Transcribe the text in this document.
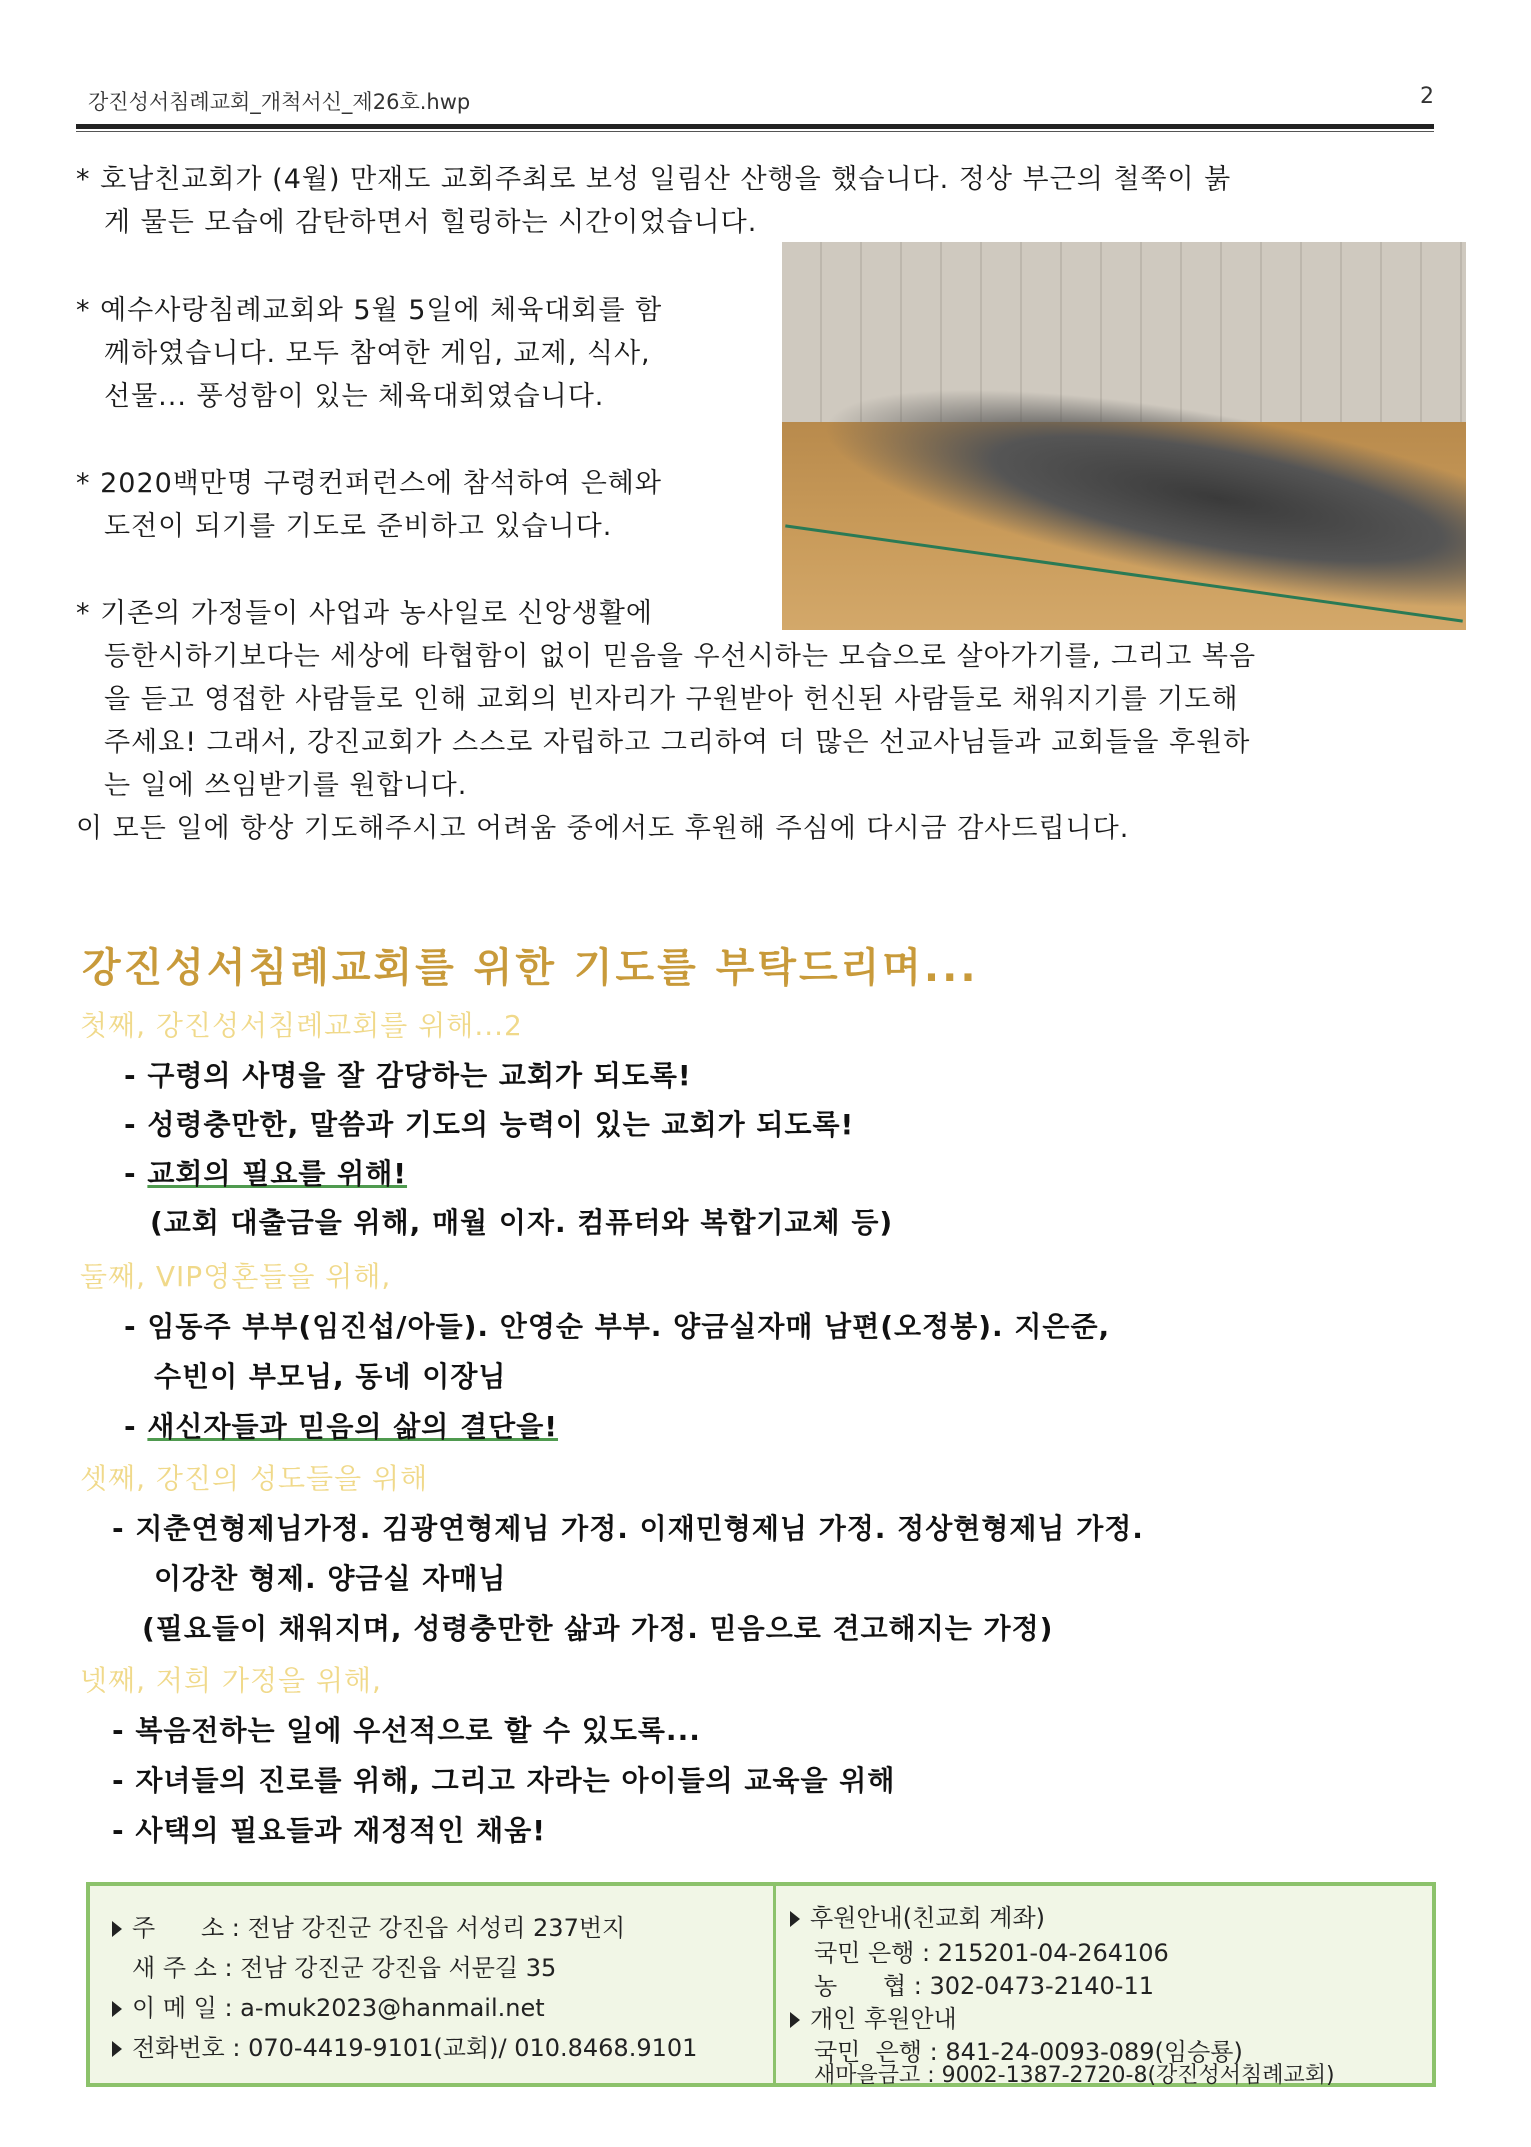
강진성서침례교회_개척서신_제26호.hwp	2
* 호남친교회가 (4월) 만재도 교회주최로 보성 일림산 산행을 했습니다. 정상 부근의 철쭉이 붉
게 물든 모습에 감탄하면서 힐링하는 시간이었습니다.
* 예수사랑침례교회와 5월 5일에 체육대회를 함
께하였습니다. 모두 참여한 게임, 교제, 식사,
선물... 풍성함이 있는 체육대회였습니다.
* 2020백만명 구령컨퍼런스에 참석하여 은혜와
도전이 되기를 기도로 준비하고 있습니다.
* 기존의 가정들이 사업과 농사일로 신앙생활에
등한시하기보다는 세상에 타협함이 없이 믿음을 우선시하는 모습으로 살아가기를, 그리고 복음
을 듣고 영접한 사람들로 인해 교회의 빈자리가 구원받아 헌신된 사람들로 채워지기를 기도해
주세요! 그래서, 강진교회가 스스로 자립하고 그리하여 더 많은 선교사님들과 교회들을 후원하
는 일에 쓰임받기를 원합니다.
이 모든 일에 항상 기도해주시고 어려움 중에서도 후원해 주심에 다시금 감사드립니다.
강진성서침례교회를 위한 기도를 부탁드리며...
첫째, 강진성서침례교회를 위해...2
- 구령의 사명을 잘 감당하는 교회가 되도록!
- 성령충만한, 말씀과 기도의 능력이 있는 교회가 되도록!
- 교회의 필요를 위해!
(교회 대출금을 위해, 매월 이자. 컴퓨터와 복합기교체 등)
둘째, VIP영혼들을 위해,
- 임동주 부부(임진섭/아들). 안영순 부부. 양금실자매 남편(오정봉). 지은준,
수빈이 부모님, 동네 이장님
- 새신자들과 믿음의 삶의 결단을!
셋째, 강진의 성도들을 위해
- 지춘연형제님가정. 김광연형제님 가정. 이재민형제님 가정. 정상현형제님 가정.
이강찬 형제. 양금실 자매님
(필요들이 채워지며, 성령충만한 삶과 가정. 믿음으로 견고해지는 가정)
넷째, 저희 가정을 위해,
- 복음전하는 일에 우선적으로 할 수 있도록...
- 자녀들의 진로를 위해, 그리고 자라는 아이들의 교육을 위해
- 사택의 필요들과 재정적인 채움!
주      소 : 전남 강진군 강진읍 서성리 237번지
새 주 소 : 전남 강진군 강진읍 서문길 35
이 메 일 : a-muk2023@hanmail.net
전화번호 : 070-4419-9101(교회)/ 010.8468.9101
후원안내(친교회 계좌)
국민 은행 : 215201-04-264106
농      협 : 302-0473-2140-11
개인 후원안내
국민  은행 : 841-24-0093-089(임승룡)
새마을금고 : 9002-1387-2720-8(강진성서침례교회)
